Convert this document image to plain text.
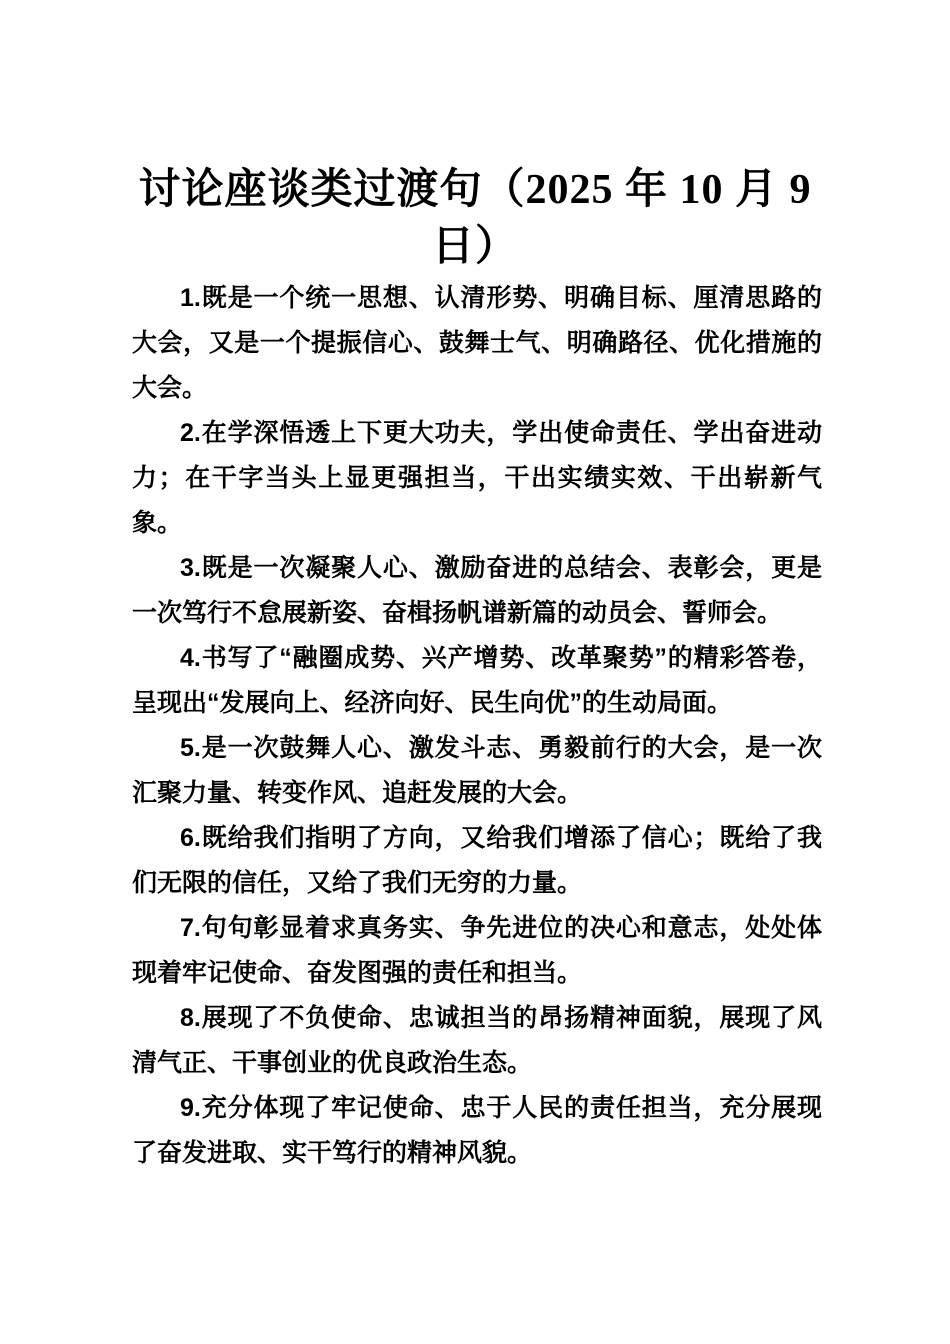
讨论座谈类过渡句（2025 年 10 月 9
日）
1.既是一个统一思想、认清形势、明确目标、厘清思路的
大会，又是一个提振信心、鼓舞士气、明确路径、优化措施的
大会。
2.在学深悟透上下更大功夫，学出使命责任、学出奋进动
力；在干字当头上显更强担当，干出实绩实效、干出崭新气
象。
3.既是一次凝聚人心、激励奋进的总结会、表彰会，更是
一次笃行不怠展新姿、奋楫扬帆谱新篇的动员会、誓师会。
4.书写了“融圈成势、兴产增势、改革聚势”的精彩答卷，
呈现出“发展向上、经济向好、民生向优”的生动局面。
5.是一次鼓舞人心、激发斗志、勇毅前行的大会，是一次
汇聚力量、转变作风、追赶发展的大会。
6.既给我们指明了方向，又给我们增添了信心；既给了我
们无限的信任，又给了我们无穷的力量。
7.句句彰显着求真务实、争先进位的决心和意志，处处体
现着牢记使命、奋发图强的责任和担当。
8.展现了不负使命、忠诚担当的昂扬精神面貌，展现了风
清气正、干事创业的优良政治生态。
9.充分体现了牢记使命、忠于人民的责任担当，充分展现
了奋发进取、实干笃行的精神风貌。
